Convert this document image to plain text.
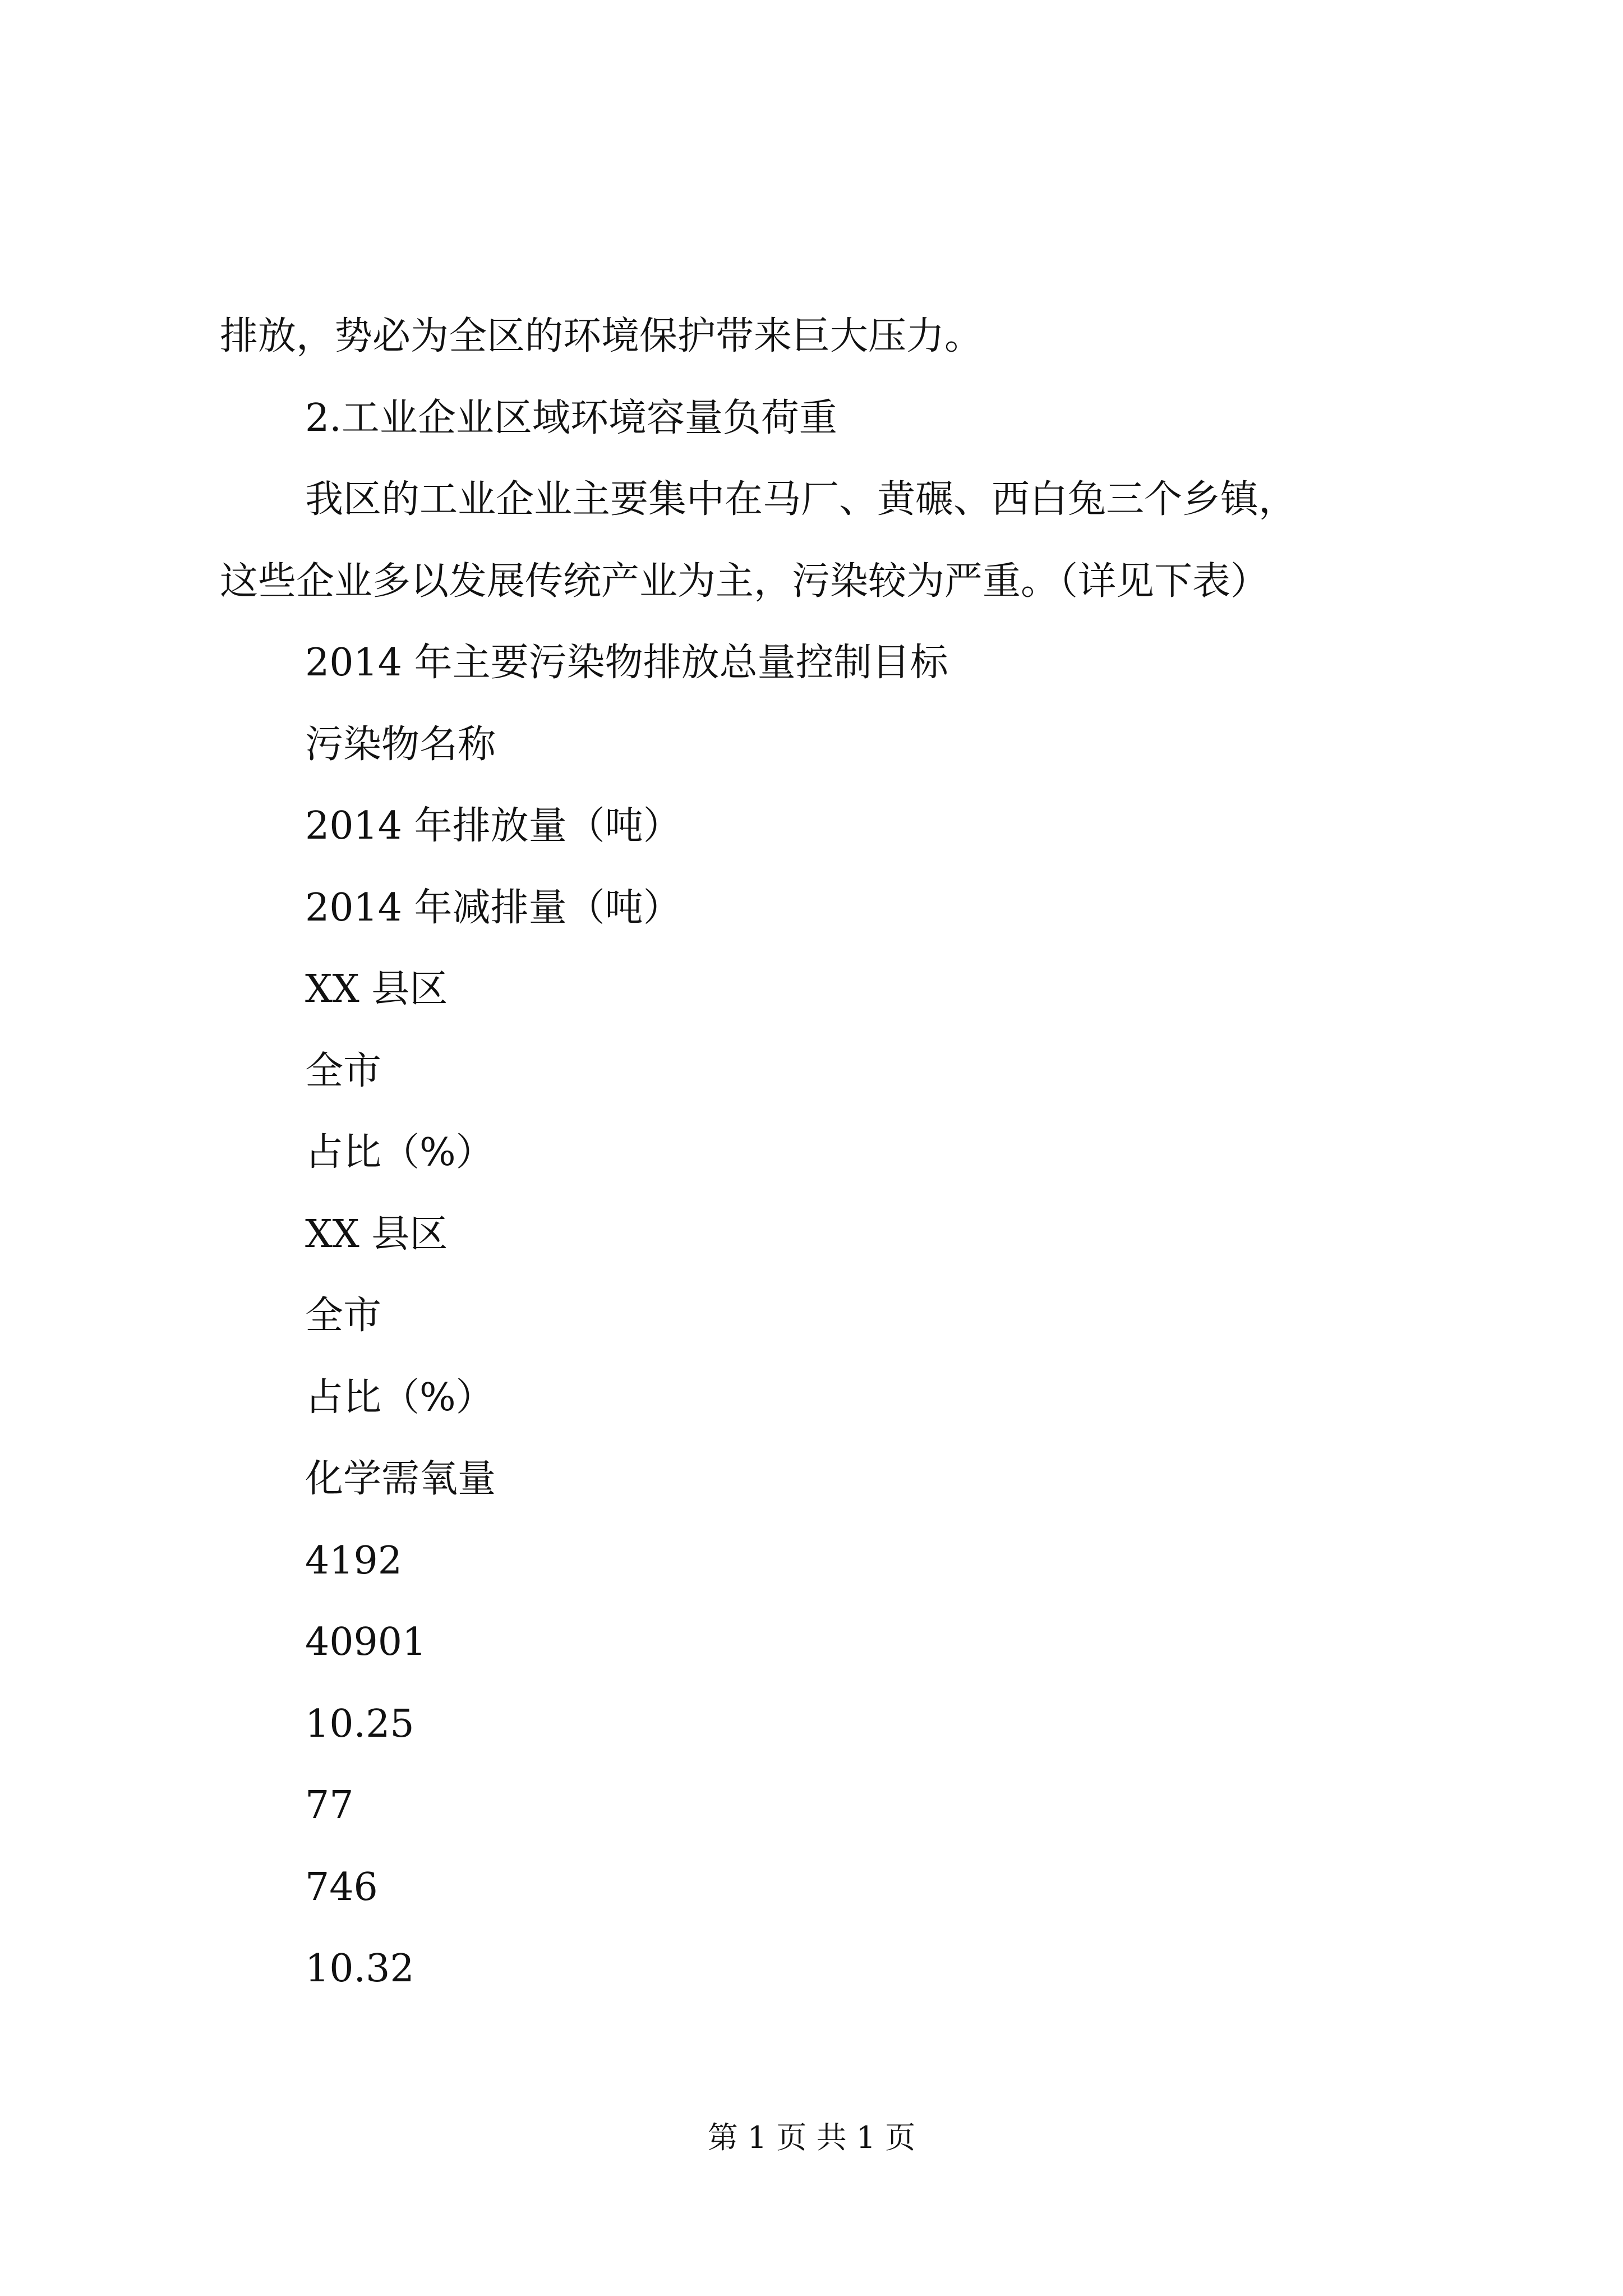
排放，势必为全区的环境保护带来巨大压力。
2.工业企业区域环境容量负荷重
我区的工业企业主要集中在马厂、黄碾、西白兔三个乡镇，
这些企业多以发展传统产业为主，污染较为严重。（详见下表）
2014 年主要污染物排放总量控制目标
污染物名称
2014 年排放量（吨）
2014 年减排量（吨）
XX 县区
全市
占比（%）
XX 县区
全市
占比（%）
化学需氧量
4192
40901
10.25
77
746
10.32
第 1 页 共 1 页
